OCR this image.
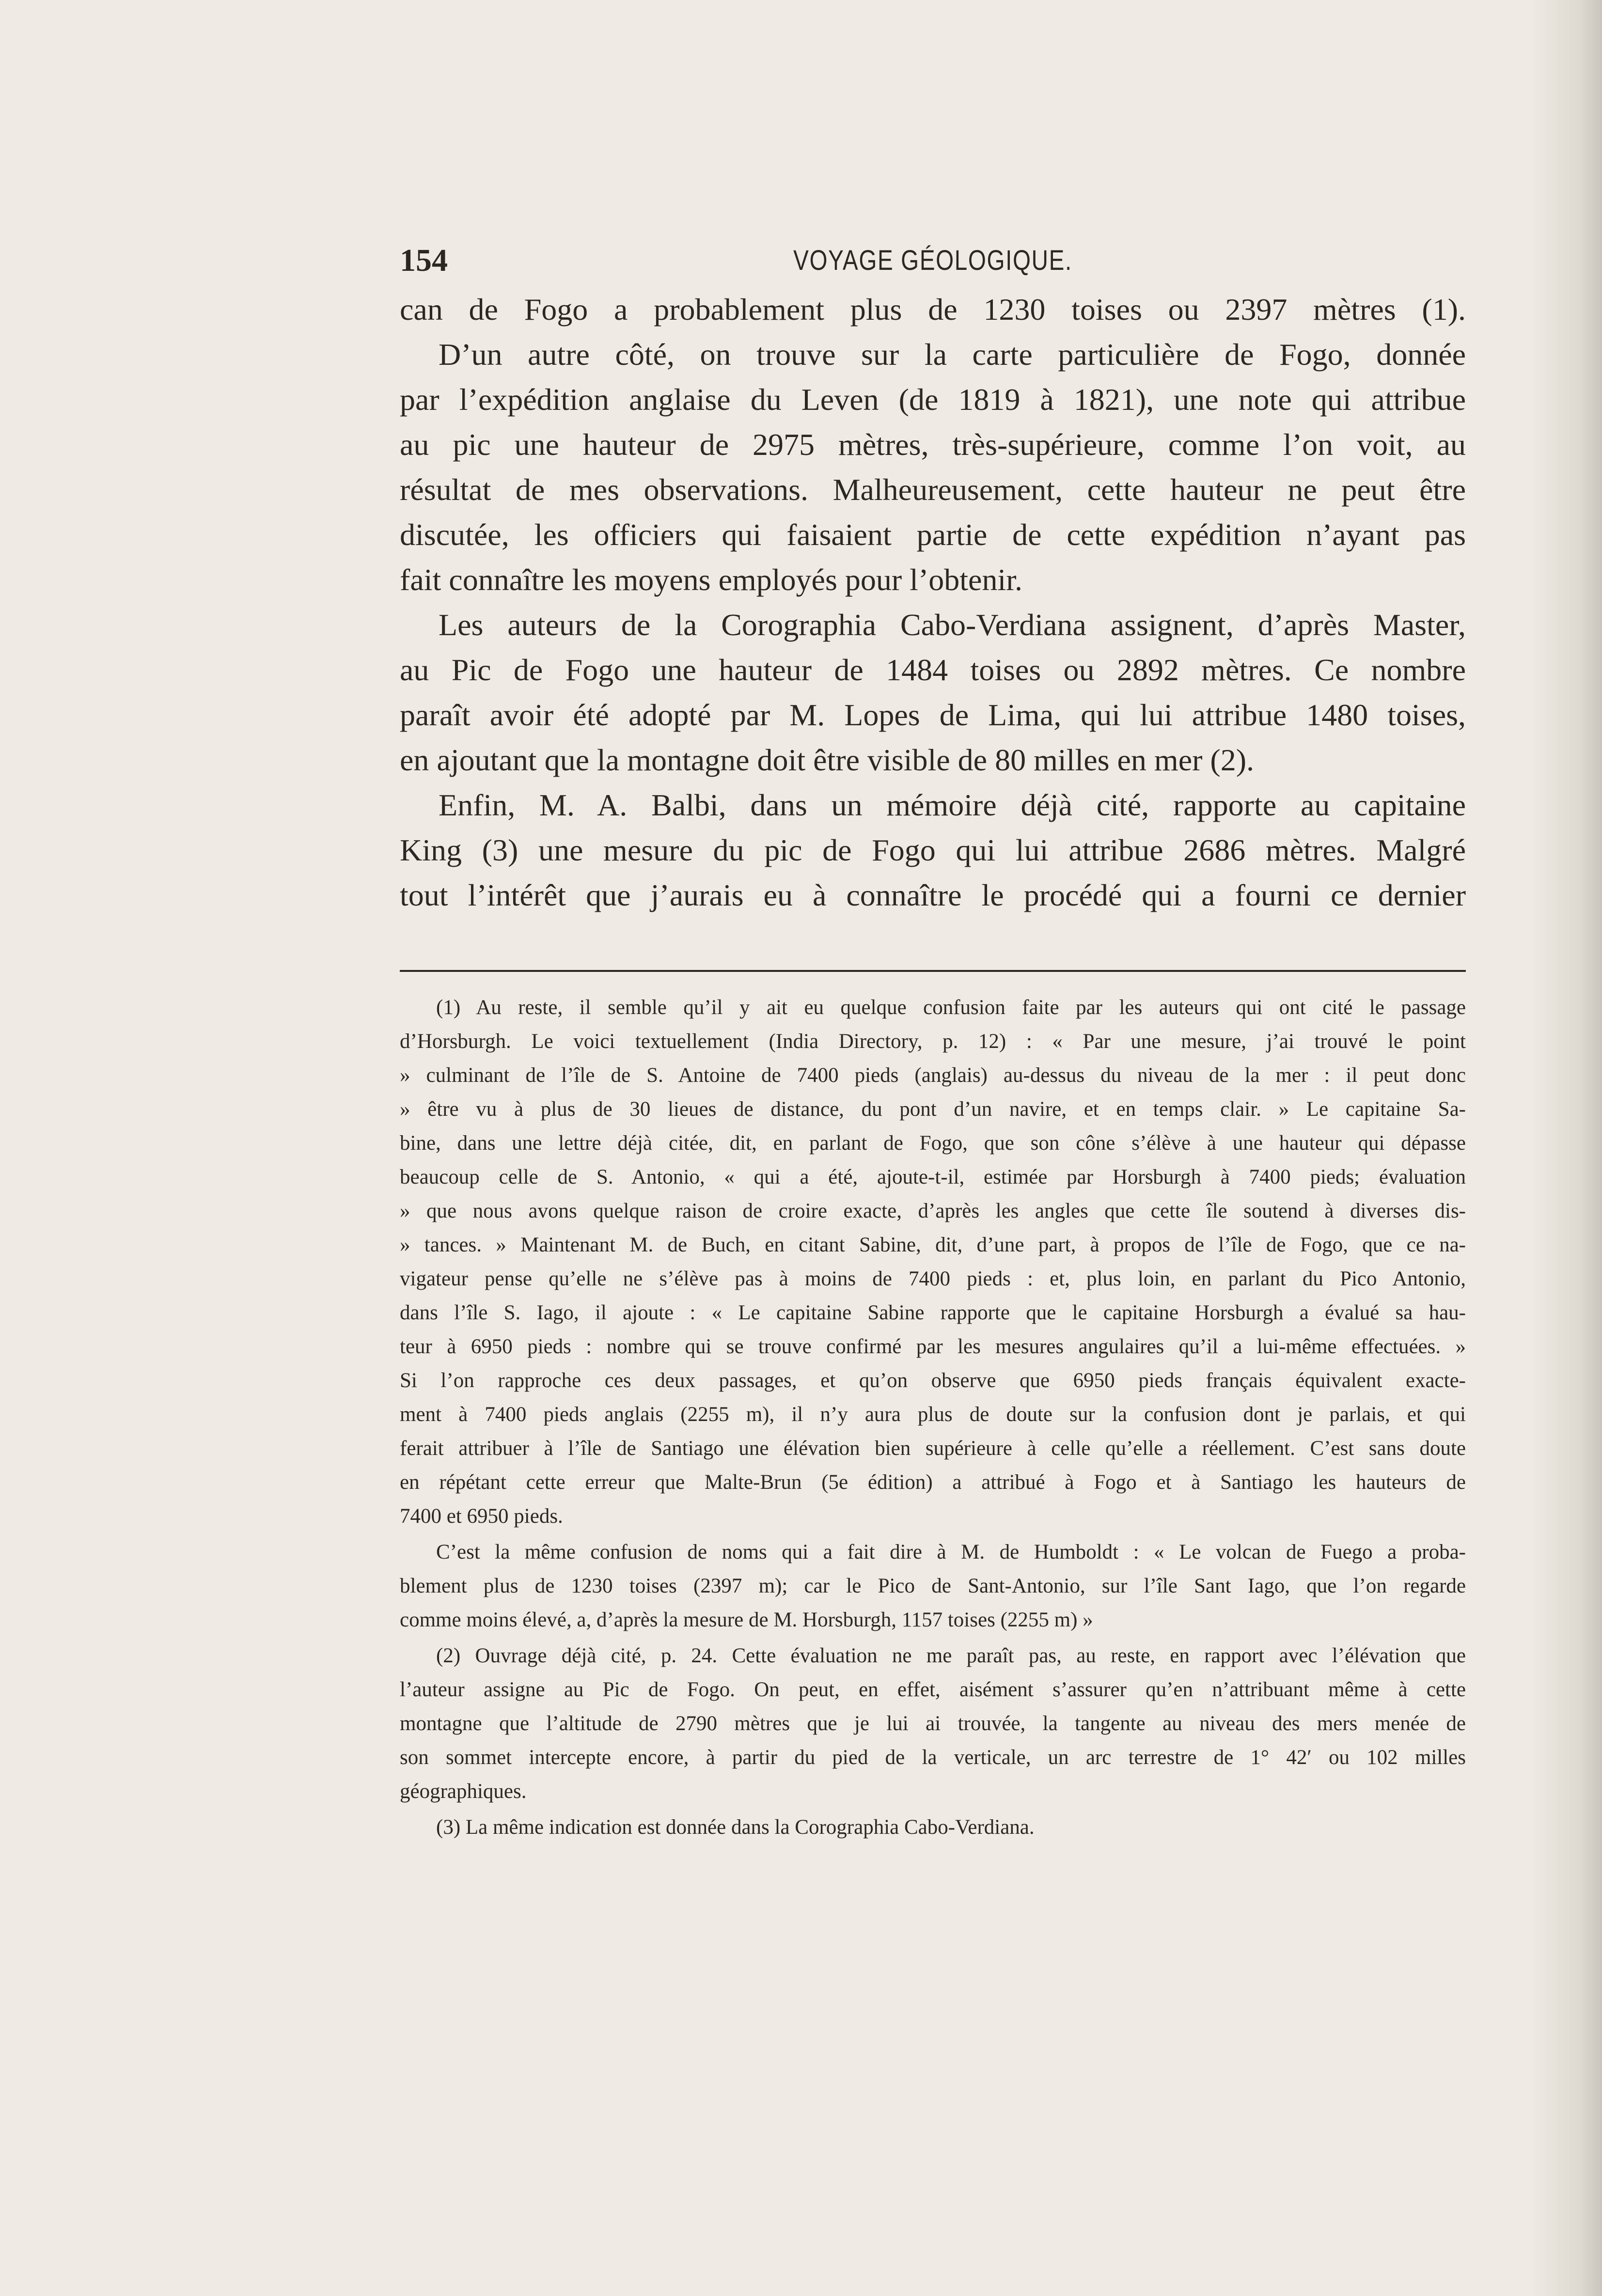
154	VOYAGE GÉOLOGIQUE.
can de Fogo a probablement plus de 1230 toises ou 2397 mètres (1).
D’un autre côté, on trouve sur la carte particulière de Fogo, donnée
par l’expédition anglaise du Leven (de 1819 à 1821), une note qui attribue
au pic une hauteur de 2975 mètres, très-supérieure, comme l’on voit, au
résultat de mes observations. Malheureusement, cette hauteur ne peut être
discutée, les officiers qui faisaient partie de cette expédition n’ayant pas
fait connaître les moyens employés pour l’obtenir.
Les auteurs de la Corographia Cabo-Verdiana assignent, d’après Master,
au Pic de Fogo une hauteur de 1484 toises ou 2892 mètres. Ce nombre
paraît avoir été adopté par M. Lopes de Lima, qui lui attribue 1480 toises,
en ajoutant que la montagne doit être visible de 80 milles en mer (2).
Enfin, M. A. Balbi, dans un mémoire déjà cité, rapporte au capitaine
King (3) une mesure du pic de Fogo qui lui attribue 2686 mètres. Malgré
tout l’intérêt que j’aurais eu à connaître le procédé qui a fourni ce dernier
(1) Au reste, il semble qu’il y ait eu quelque confusion faite par les auteurs qui ont cité le passage
d’Horsburgh. Le voici textuellement (India Directory, p. 12) : « Par une mesure, j’ai trouvé le point
» culminant de l’île de S. Antoine de 7400 pieds (anglais) au-dessus du niveau de la mer : il peut donc
» être vu à plus de 30 lieues de distance, du pont d’un navire, et en temps clair. » Le capitaine Sa-
bine, dans une lettre déjà citée, dit, en parlant de Fogo, que son cône s’élève à une hauteur qui dépasse
beaucoup celle de S. Antonio, « qui a été, ajoute-t-il, estimée par Horsburgh à 7400 pieds; évaluation
» que nous avons quelque raison de croire exacte, d’après les angles que cette île soutend à diverses dis-
» tances. » Maintenant M. de Buch, en citant Sabine, dit, d’une part, à propos de l’île de Fogo, que ce na-
vigateur pense qu’elle ne s’élève pas à moins de 7400 pieds : et, plus loin, en parlant du Pico Antonio,
dans l’île S. Iago, il ajoute : « Le capitaine Sabine rapporte que le capitaine Horsburgh a évalué sa hau-
teur à 6950 pieds : nombre qui se trouve confirmé par les mesures angulaires qu’il a lui-même effectuées. »
Si l’on rapproche ces deux passages, et qu’on observe que 6950 pieds français équivalent exacte-
ment à 7400 pieds anglais (2255 m), il n’y aura plus de doute sur la confusion dont je parlais, et qui
ferait attribuer à l’île de Santiago une élévation bien supérieure à celle qu’elle a réellement. C’est sans doute
en répétant cette erreur que Malte-Brun (5e édition) a attribué à Fogo et à Santiago les hauteurs de
7400 et 6950 pieds.
C’est la même confusion de noms qui a fait dire à M. de Humboldt : « Le volcan de Fuego a proba-
blement plus de 1230 toises (2397 m); car le Pico de Sant-Antonio, sur l’île Sant Iago, que l’on regarde
comme moins élevé, a, d’après la mesure de M. Horsburgh, 1157 toises (2255 m) »
(2) Ouvrage déjà cité, p. 24. Cette évaluation ne me paraît pas, au reste, en rapport avec l’élévation que
l’auteur assigne au Pic de Fogo. On peut, en effet, aisément s’assurer qu’en n’attribuant même à cette
montagne que l’altitude de 2790 mètres que je lui ai trouvée, la tangente au niveau des mers menée de
son sommet intercepte encore, à partir du pied de la verticale, un arc terrestre de 1° 42′ ou 102 milles
géographiques.
(3) La même indication est donnée dans la Corographia Cabo-Verdiana.
